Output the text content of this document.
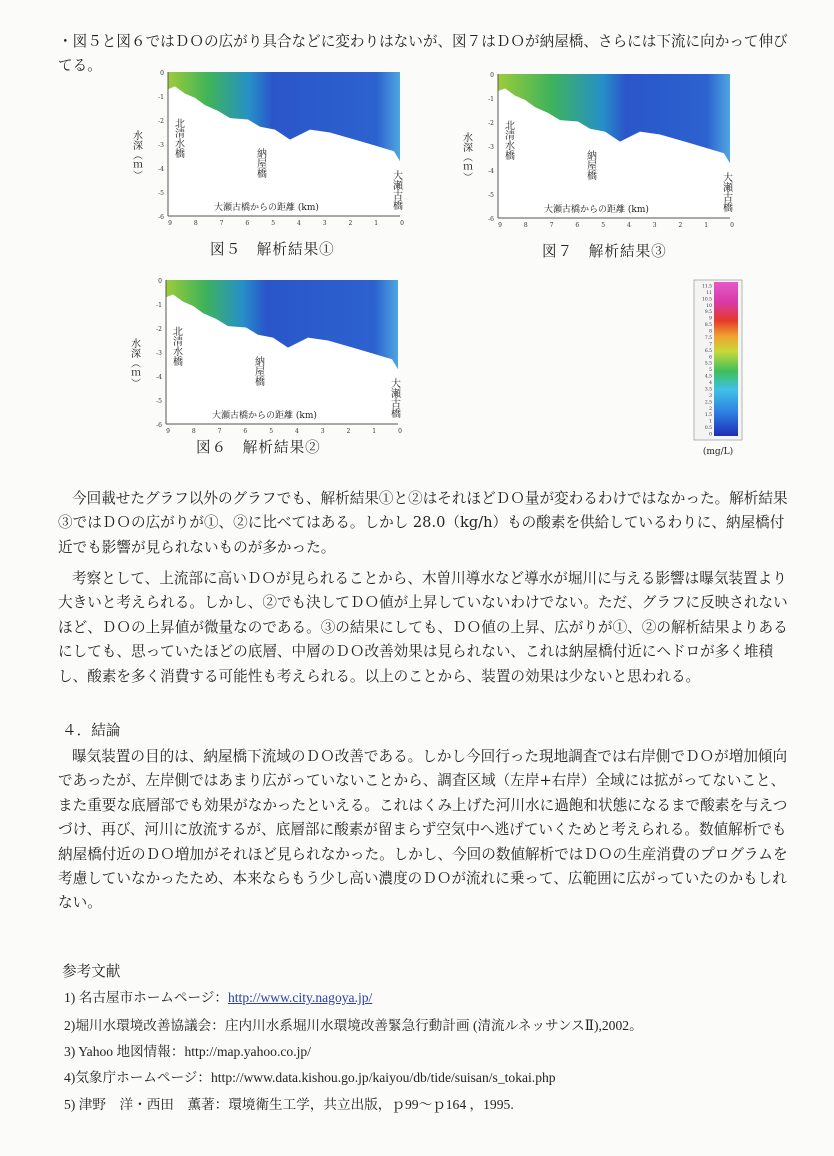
・図５と図６ではＤＯの広がり具合などに変わりはないが、図７はＤＯが納屋橋、さらには下流に向かって伸びてる。	0
-1
-2
-3
-4
-5
-6
9	8	7	6	5	4	3	2	1	0
水深（ｍ）
大瀬古橋からの距離 (km)
北清水橋
納屋橋
大瀬古橋
図５　解析結果①
0
-1
-2
-3
-4
-5
-6
9	8	7	6	5	4	3	2	1	0
水深（ｍ）
大瀬古橋からの距離 (km)
北清水橋
納屋橋
大瀬古橋
図７　解析結果③
0
-1
-2
-3
-4
-5
-6
9	8	7	6	5	4	3	2	1	0
水深（ｍ）
大瀬古橋からの距離 (km)
北清水橋
納屋橋
大瀬古橋
図６　解析結果②
11.5
11
10.5
10
9.5
9
8.5
8
7.5
7
6.5
6
5.5
5
4.5
4
3.5
3
2.5
2
1.5
1
0.5
0
(mg/L)
今回載せたグラフ以外のグラフでも、解析結果①と②はそれほどＤＯ量が変わるわけではなかった。解析結果③ではＤＯの広がりが①、②に比べてはある。しかし 28.0（kg/h）もの酸素を供給しているわりに、納屋橋付近でも影響が見られないものが多かった。
考察として、上流部に高いＤＯが見られることから、木曽川導水など導水が堀川に与える影響は曝気装置より大きいと考えられる。しかし、②でも決してＤＯ値が上昇していないわけでない。ただ、グラフに反映されないほど、ＤＯの上昇値が微量なのである。③の結果にしても、ＤＯ値の上昇、広がりが①、②の解析結果よりあるにしても、思っていたほどの底層、中層のＤＯ改善効果は見られない、これは納屋橋付近にヘドロが多く堆積し、酸素を多く消費する可能性も考えられる。以上のことから、装置の効果は少ないと思われる。
４．結論
曝気装置の目的は、納屋橋下流域のＤＯ改善である。しかし今回行った現地調査では右岸側でＤＯが増加傾向であったが、左岸側ではあまり広がっていないことから、調査区域（左岸+右岸）全域には拡がってないこと、また重要な底層部でも効果がなかったといえる。これはくみ上げた河川水に過飽和状態になるまで酸素を与えつづけ、再び、河川に放流するが、底層部に酸素が留まらず空気中へ逃げていくためと考えられる。数値解析でも納屋橋付近のＤＯ増加がそれほど見られなかった。しかし、今回の数値解析ではＤＯの生産消費のプログラムを考慮していなかったため、本来ならもう少し高い濃度のＤＯが流れに乗って、広範囲に広がっていたのかもしれない。
参考文献
1) 名古屋市ホームページ：http://www.city.nagoya.jp/
2)堀川水環境改善協議会：庄内川水系堀川水環境改善緊急行動計画 (清流ルネッサンスⅡ),2002。
3) Yahoo 地図情報：http://map.yahoo.co.jp/
4)気象庁ホームページ：http://www.data.kishou.go.jp/kaiyou/db/tide/suisan/s_tokai.php
5) 津野　洋・西田　薫著：環境衛生工学，共立出版，ｐ99～ｐ164 ，1995.
